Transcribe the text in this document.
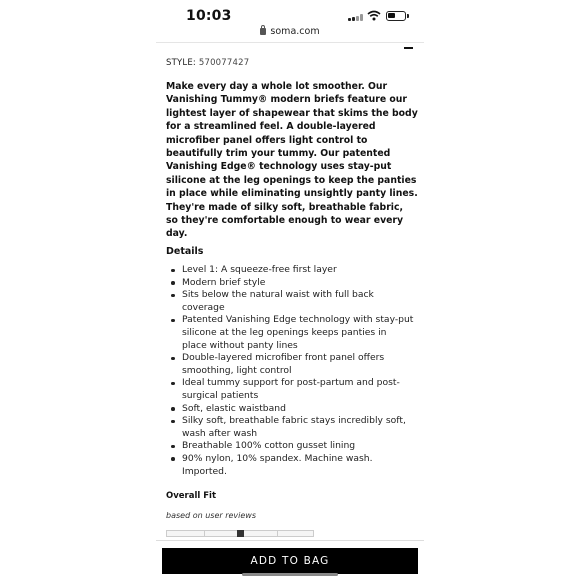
10:03
soma.com
STYLE: 570077427

Make every day a whole lot smoother. Our Vanishing Tummy® modern briefs feature our lightest layer of shapewear that skims the body for a streamlined feel. A double-layered microfiber panel offers light control to beautifully trim your tummy. Our patented Vanishing Edge® technology uses stay-put silicone at the leg openings to keep the panties in place while eliminating unsightly panty lines. They're made of silky soft, breathable fabric, so they're comfortable enough to wear every day.

Details
Level 1: A squeeze-free first layer
Modern brief style
Sits below the natural waist with full back coverage
Patented Vanishing Edge technology with stay-put silicone at the leg openings keeps panties in place without panty lines
Double-layered microfiber front panel offers smoothing, light control
Ideal tummy support for post-partum and post-surgical patients
Soft, elastic waistband
Silky soft, breathable fabric stays incredibly soft, wash after wash
Breathable 100% cotton gusset lining
90% nylon, 10% spandex. Machine wash. Imported.
Overall Fit
based on user reviews
ADD TO BAG
